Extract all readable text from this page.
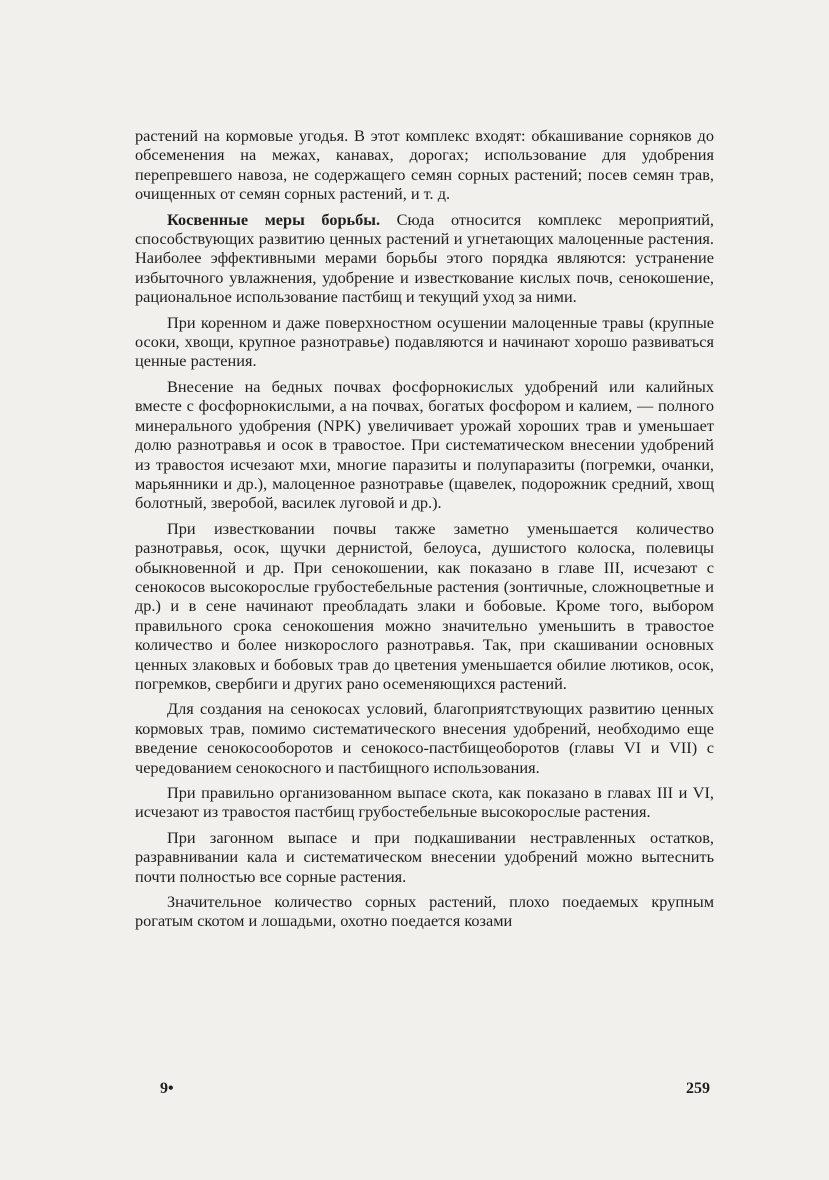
растений на кормовые угодья. В этот комплекс входят: обкашивание сорняков до обсеменения на межах, канавах, дорогах; использование для удобрения перепревшего навоза, не содержащего семян сорных растений; посев семян трав, очищенных от семян сорных растений, и т. д.

Косвенные меры борьбы. Сюда относится комплекс мероприятий, способствующих развитию ценных растений и угнетающих малоценные растения. Наиболее эффективными мерами борьбы этого порядка являются: устранение избыточного увлажнения, удобрение и известкование кислых почв, сенокошение, рациональное использование пастбищ и текущий уход за ними.

При коренном и даже поверхностном осушении малоценные травы (крупные осоки, хвощи, крупное разнотравье) подавляются и начинают хорошо развиваться ценные растения.

Внесение на бедных почвах фосфорнокислых удобрений или калийных вместе с фосфорнокислыми, а на почвах, богатых фосфором и калием, — полного минерального удобрения (NPK) увеличивает урожай хороших трав и уменьшает долю разнотравья и осок в травостое. При систематическом внесении удобрений из травостоя исчезают мхи, многие паразиты и полупаразиты (погремки, очанки, марьянники и др.), малоценное разнотравье (щавелек, подорожник средний, хвощ болотный, зверобой, василек луговой и др.).

При известковании почвы также заметно уменьшается количество разнотравья, осок, щучки дернистой, белоуса, душистого колоска, полевицы обыкновенной и др. При сенокошении, как показано в главе III, исчезают с сенокосов высокорослые грубостебельные растения (зонтичные, сложноцветные и др.) и в сене начинают преобладать злаки и бобовые. Кроме того, выбором правильного срока сенокошения можно значительно уменьшить в травостое количество и более низкорослого разнотравья. Так, при скашивании основных ценных злаковых и бобовых трав до цветения уменьшается обилие лютиков, осок, погремков, свербиги и других рано осеменяющихся растений.

Для создания на сенокосах условий, благоприятствующих развитию ценных кормовых трав, помимо систематического внесения удобрений, необходимо еще введение сенокосооборотов и сенокосо-пастбищеоборотов (главы VI и VII) с чередованием сенокосного и пастбищного использования.

При правильно организованном выпасе скота, как показано в главах III и VI, исчезают из травостоя пастбищ грубостебельные высокорослые растения.

При загонном выпасе и при подкашивании нестравленных остатков, разравнивании кала и систематическом внесении удобрений можно вытеснить почти полностью все сорные растения.

Значительное количество сорных растений, плохо поедаемых крупным рогатым скотом и лошадьми, охотно поедается козами

9•	259
